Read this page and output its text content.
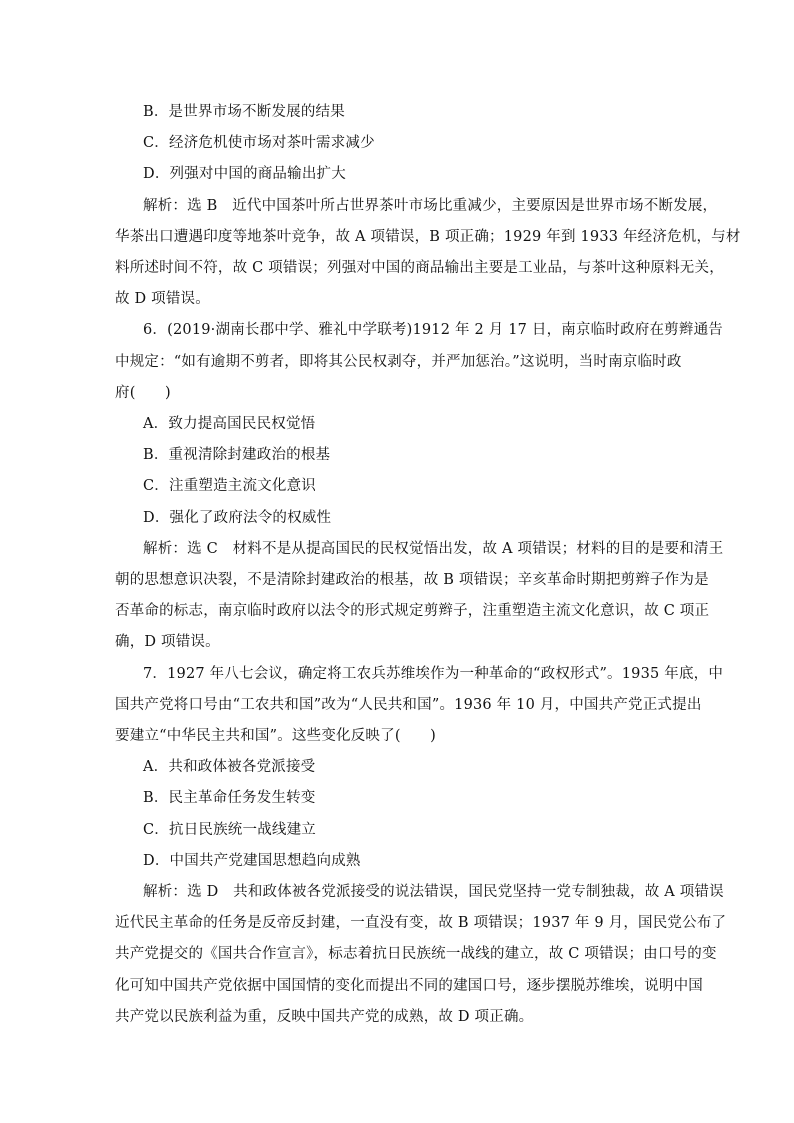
B．是世界市场不断发展的结果
C．经济危机使市场对茶叶需求减少
D．列强对中国的商品输出扩大
解析：选 B　近代中国茶叶所占世界茶叶市场比重减少，主要原因是世界市场不断发展，
华茶出口遭遇印度等地茶叶竞争，故 A 项错误，B 项正确；1929 年到 1933 年经济危机，与材
料所述时间不符，故 C 项错误；列强对中国的商品输出主要是工业品，与茶叶这种原料无关，
故 D 项错误。
6．(2019·湖南长郡中学、雅礼中学联考)1912 年 2 月 17 日，南京临时政府在剪辫通告
中规定：“如有逾期不剪者，即将其公民权剥夺，并严加惩治。”这说明，当时南京临时政
府(　　)
A．致力提高国民民权觉悟
B．重视清除封建政治的根基
C．注重塑造主流文化意识
D．强化了政府法令的权威性
解析：选 C　材料不是从提高国民的民权觉悟出发，故 A 项错误；材料的目的是要和清王
朝的思想意识决裂，不是清除封建政治的根基，故 B 项错误；辛亥革命时期把剪辫子作为是
否革命的标志，南京临时政府以法令的形式规定剪辫子，注重塑造主流文化意识，故 C 项正
确，D 项错误。
7．1927 年八七会议，确定将工农兵苏维埃作为一种革命的“政权形式”。1935 年底，中
国共产党将口号由“工农共和国”改为“人民共和国”。1936 年 10 月，中国共产党正式提出
要建立“中华民主共和国”。这些变化反映了(　　)
A．共和政体被各党派接受
B．民主革命任务发生转变
C．抗日民族统一战线建立
D．中国共产党建国思想趋向成熟
解析：选 D　共和政体被各党派接受的说法错误，国民党坚持一党专制独裁，故 A 项错误
近代民主革命的任务是反帝反封建，一直没有变，故 B 项错误；1937 年 9 月，国民党公布了
共产党提交的《国共合作宣言》，标志着抗日民族统一战线的建立，故 C 项错误；由口号的变
化可知中国共产党依据中国国情的变化而提出不同的建国口号，逐步摆脱苏维埃，说明中国
共产党以民族利益为重，反映中国共产党的成熟，故 D 项正确。
